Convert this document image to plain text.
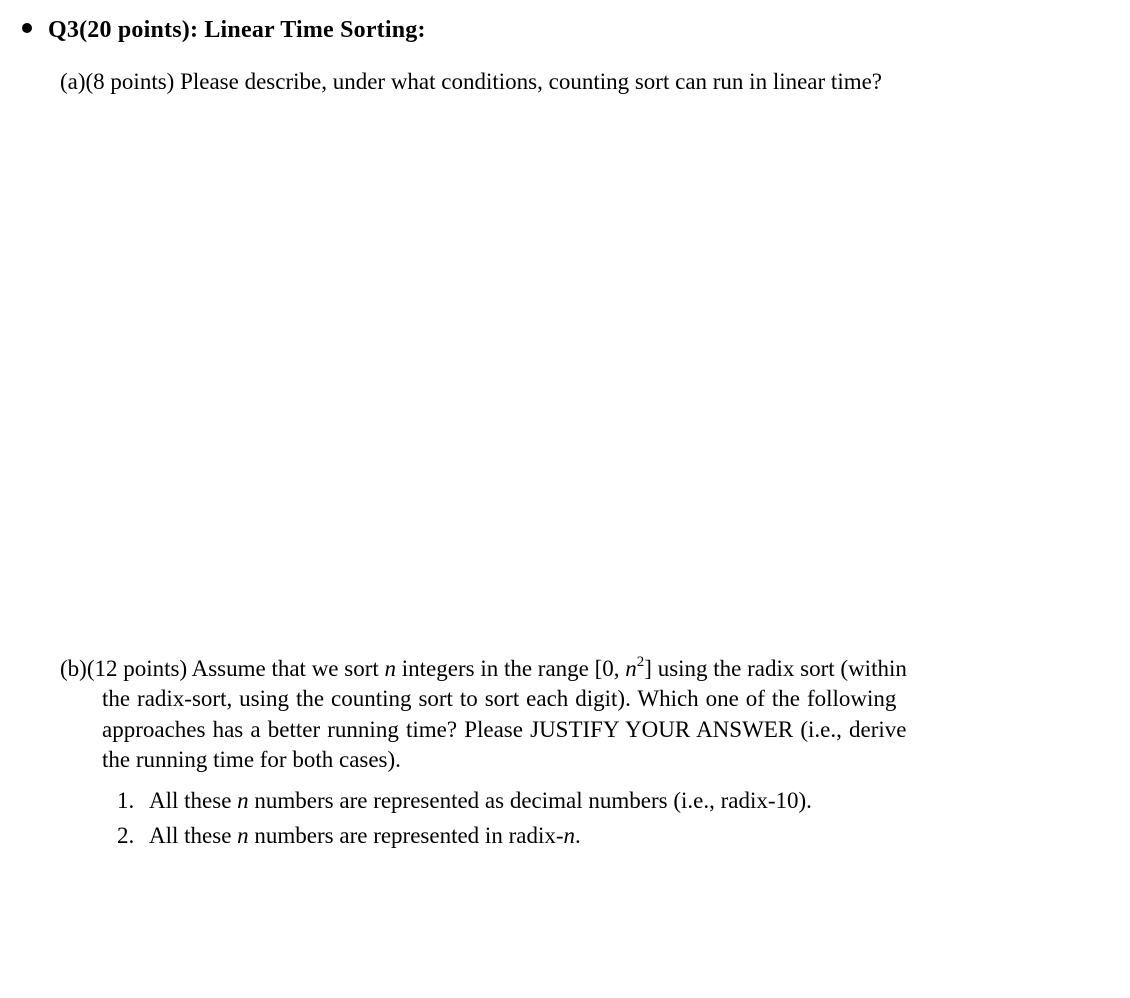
Q3(20 points): Linear Time Sorting:
(a)(8 points) Please describe, under what conditions, counting sort can run in linear time?
(b)(12 points) Assume that we sort n integers in the range [0, $n^2$] using the radix sort (within
the radix-sort, using the counting sort to sort each digit). Which one of the following
approaches has a better running time? Please JUSTIFY YOUR ANSWER (i.e., derive
the running time for both cases).
1. All these n numbers are represented as decimal numbers (i.e., radix-10).
2. All these n numbers are represented in radix-n.
